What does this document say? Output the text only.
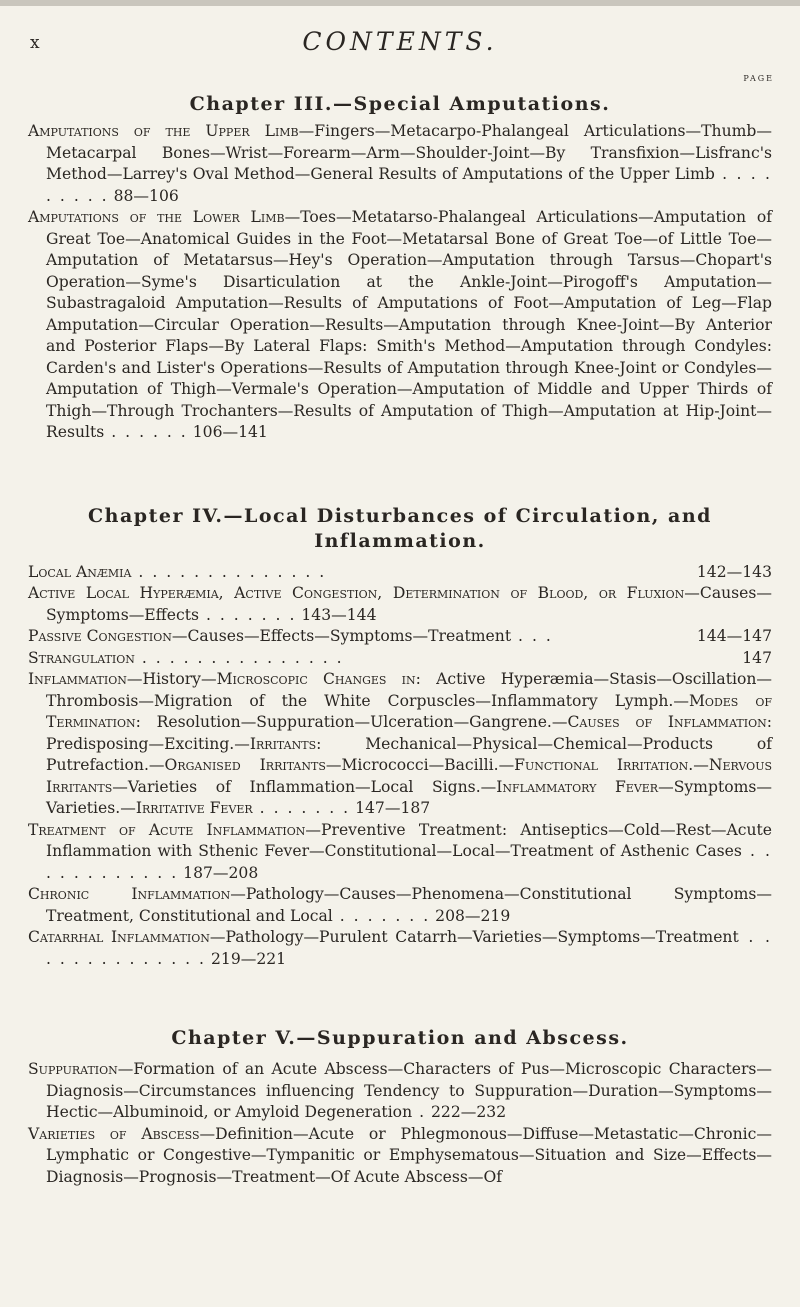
x	CONTENTS.
PAGE
Chapter III.—Special Amputations.

Amputations of the Upper Limb—Fingers—Metacarpo-Phalangeal Articulations—Thumb—Metacarpal Bones—Wrist—Forearm—Arm—Shoulder-Joint—By Transfixion—Lisfranc's Method—Larrey's Oval Method—General Results of Amputations of the Upper Limb . . . . . . . . . 88—106

Amputations of the Lower Limb—Toes—Metatarso-Phalangeal Articulations—Amputation of Great Toe—Anatomical Guides in the Foot—Metatarsal Bone of Great Toe—of Little Toe—Amputation of Metatarsus—Hey's Operation—Amputation through Tarsus—Chopart's Operation—Syme's Disarticulation at the Ankle-Joint—Pirogoff's Amputation—Subastragaloid Amputation—Results of Amputations of Foot—Amputation of Leg—Flap Amputation—Circular Operation—Results—Amputation through Knee-Joint—By Anterior and Posterior Flaps—By Lateral Flaps: Smith's Method—Amputation through Condyles: Carden's and Lister's Operations—Results of Amputation through Knee-Joint or Condyles—Amputation of Thigh—Vermale's Operation—Amputation of Middle and Upper Thirds of Thigh—Through Trochanters—Results of Amputation of Thigh—Amputation at Hip-Joint—Results . . . . . . 106—141

Chapter IV.—Local Disturbances of Circulation, and
Inflammation.

Local Anæmia . . . . . . . . . . . . . .	142—143

Active Local Hyperæmia, Active Congestion, Determination of Blood, or Fluxion—Causes—Symptoms—Effects . . . . . . . 143—144

Passive Congestion—Causes—Effects—Symptoms—Treatment . . .	144—147

Strangulation . . . . . . . . . . . . . . .	147

Inflammation—History—Microscopic Changes in: Active Hyperæmia—Stasis—Oscillation—Thrombosis—Migration of the White Corpuscles—Inflammatory Lymph.—Modes of Termination: Resolution—Suppuration—Ulceration—Gangrene.—Causes of Inflammation: Predisposing—Exciting.—Irritants: Mechanical—Physical—Chemical—Products of Putrefaction.—Organised Irritants—Micrococci—Bacilli.—Functional Irritation.—Nervous Irritants—Varieties of Inflammation—Local Signs.—Inflammatory Fever—Symptoms—Varieties.—Irritative Fever . . . . . . . 147—187

Treatment of Acute Inflammation—Preventive Treatment: Antiseptics—Cold—Rest—Acute Inflammation with Sthenic Fever—Constitutional—Local—Treatment of Asthenic Cases . . . . . . . . . . . . 187—208

Chronic Inflammation—Pathology—Causes—Phenomena—Constitutional Symptoms—Treatment, Constitutional and Local . . . . . . . 208—219

Catarrhal Inflammation—Pathology—Purulent Catarrh—Varieties—Symptoms—Treatment . . . . . . . . . . . . . . 219—221

Chapter V.—Suppuration and Abscess.

Suppuration—Formation of an Acute Abscess—Characters of Pus—Microscopic Characters—Diagnosis—Circumstances influencing Tendency to Suppuration—Duration—Symptoms—Hectic—Albuminoid, or Amyloid Degeneration . 222—232

Varieties of Abscess—Definition—Acute or Phlegmonous—Diffuse—Metastatic—Chronic—Lymphatic or Congestive—Tympanitic or Emphysematous—Situation and Size—Effects—Diagnosis—Prognosis—Treatment—Of Acute Abscess—Of
